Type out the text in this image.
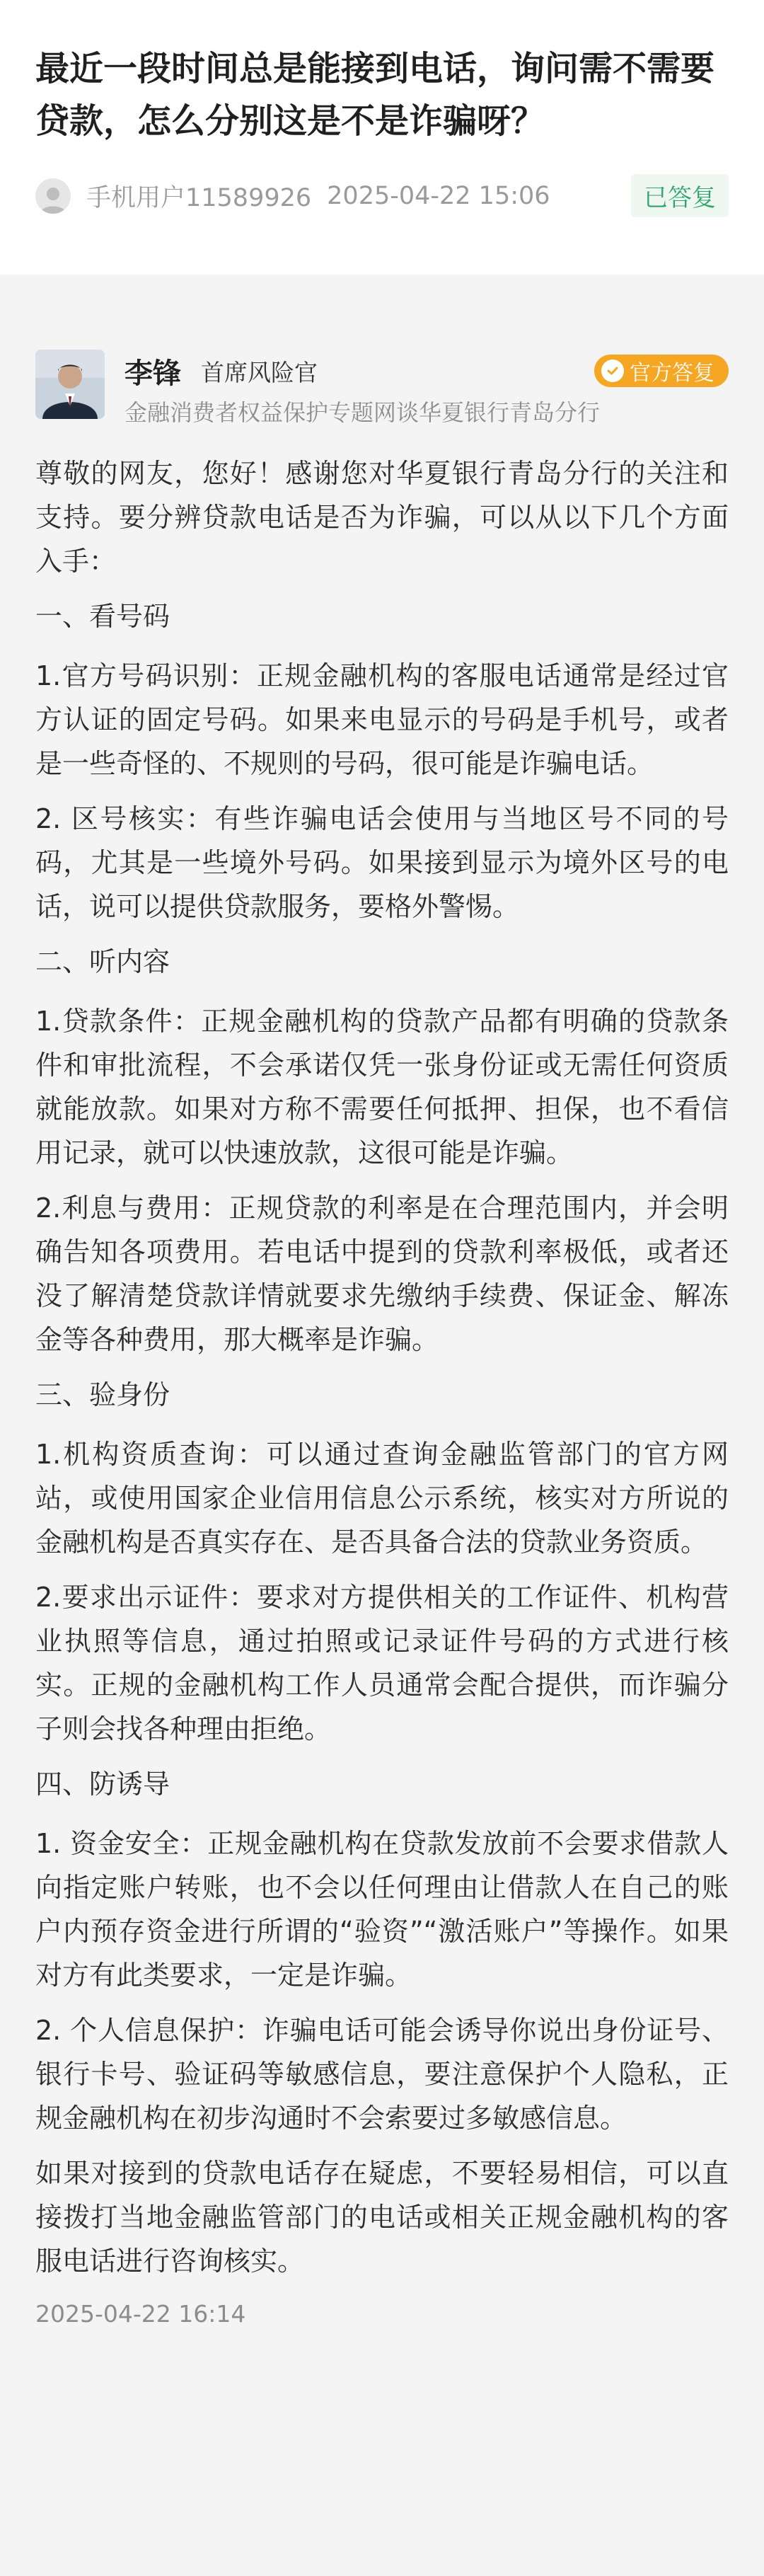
最近一段时间总是能接到电话，询问需不需要贷款，怎么分别这是不是诈骗呀？
手机用户11589926 2025-04-22 15:06	已答复
李锋 首席风险官	官方答复
金融消费者权益保护专题网谈华夏银行青岛分行

尊敬的网友，您好！感谢您对华夏银行青岛分行的关注和支持。要分辨贷款电话是否为诈骗，可以从以下几个方面入手：

一、看号码

1.官方号码识别：正规金融机构的客服电话通常是经过官方认证的固定号码。如果来电显示的号码是手机号，或者是一些奇怪的、不规则的号码，很可能是诈骗电话。

2. 区号核实：有些诈骗电话会使用与当地区号不同的号码，尤其是一些境外号码。如果接到显示为境外区号的电话，说可以提供贷款服务，要格外警惕。

二、听内容

1.贷款条件：正规金融机构的贷款产品都有明确的贷款条件和审批流程，不会承诺仅凭一张身份证或无需任何资质就能放款。如果对方称不需要任何抵押、担保，也不看信用记录，就可以快速放款，这很可能是诈骗。

2.利息与费用：正规贷款的利率是在合理范围内，并会明确告知各项费用。若电话中提到的贷款利率极低，或者还没了解清楚贷款详情就要求先缴纳手续费、保证金、解冻金等各种费用，那大概率是诈骗。

三、验身份

1.机构资质查询：可以通过查询金融监管部门的官方网站，或使用国家企业信用信息公示系统，核实对方所说的金融机构是否真实存在、是否具备合法的贷款业务资质。

2.要求出示证件：要求对方提供相关的工作证件、机构营业执照等信息，通过拍照或记录证件号码的方式进行核实。正规的金融机构工作人员通常会配合提供，而诈骗分子则会找各种理由拒绝。

四、防诱导

1. 资金安全：正规金融机构在贷款发放前不会要求借款人向指定账户转账，也不会以任何理由让借款人在自己的账户内预存资金进行所谓的“验资”“激活账户”等操作。如果对方有此类要求，一定是诈骗。

2. 个人信息保护：诈骗电话可能会诱导你说出身份证号、银行卡号、验证码等敏感信息，要注意保护个人隐私，正规金融机构在初步沟通时不会索要过多敏感信息。

如果对接到的贷款电话存在疑虑，不要轻易相信，可以直接拨打当地金融监管部门的电话或相关正规金融机构的客服电话进行咨询核实。

2025-04-22 16:14
